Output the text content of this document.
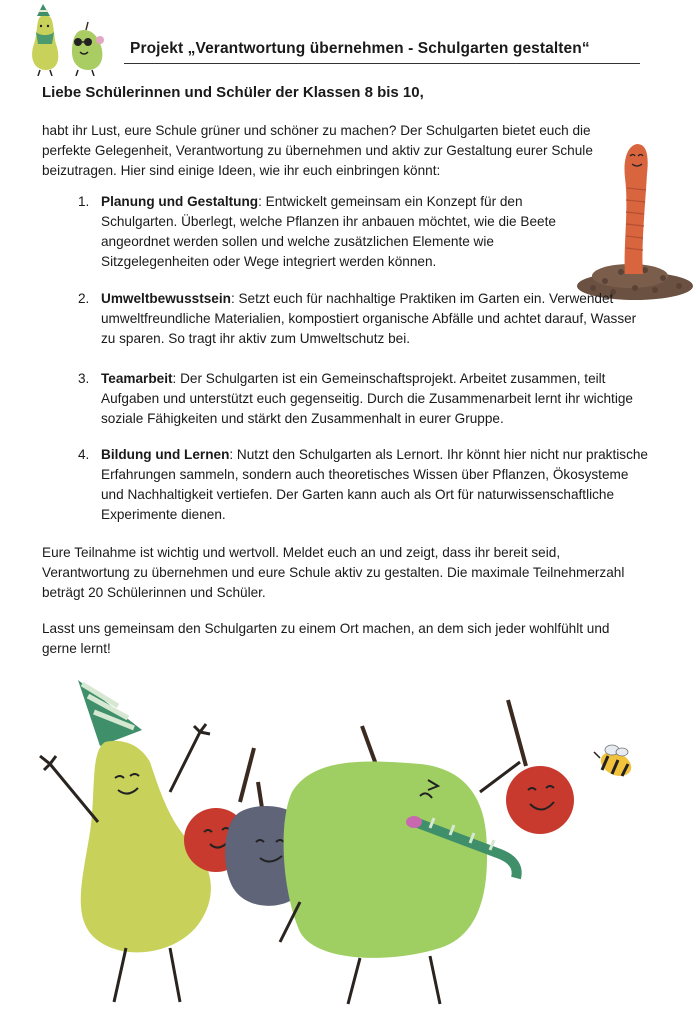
Projekt „Verantwortung übernehmen - Schulgarten gestalten“
Liebe Schülerinnen und Schüler der Klassen 8 bis 10,
habt ihr Lust, eure Schule grüner und schöner zu machen? Der Schulgarten bietet euch die perfekte Gelegenheit, Verantwortung zu übernehmen und aktiv zur Gestaltung eurer Schule beizutragen. Hier sind einige Ideen, wie ihr euch einbringen könnt:
1. Planung und Gestaltung: Entwickelt gemeinsam ein Konzept für den Schulgarten. Überlegt, welche Pflanzen ihr anbauen möchtet, wie die Beete angeordnet werden sollen und welche zusätzlichen Elemente wie Sitzgelegenheiten oder Wege integriert werden können.
2. Umweltbewusstsein: Setzt euch für nachhaltige Praktiken im Garten ein. Verwendet umweltfreundliche Materialien, kompostiert organische Abfälle und achtet darauf, Wasser zu sparen. So tragt ihr aktiv zum Umweltschutz bei.
3. Teamarbeit: Der Schulgarten ist ein Gemeinschaftsprojekt. Arbeitet zusammen, teilt Aufgaben und unterstützt euch gegenseitig. Durch die Zusammenarbeit lernt ihr wichtige soziale Fähigkeiten und stärkt den Zusammenhalt in eurer Gruppe.
4. Bildung und Lernen: Nutzt den Schulgarten als Lernort. Ihr könnt hier nicht nur praktische Erfahrungen sammeln, sondern auch theoretisches Wissen über Pflanzen, Ökosysteme und Nachhaltigkeit vertiefen. Der Garten kann auch als Ort für naturwissenschaftliche Experimente dienen.
Eure Teilnahme ist wichtig und wertvoll. Meldet euch an und zeigt, dass ihr bereit seid, Verantwortung zu übernehmen und eure Schule aktiv zu gestalten. Die maximale Teilnehmerzahl beträgt 20 Schülerinnen und Schüler.
Lasst uns gemeinsam den Schulgarten zu einem Ort machen, an dem sich jeder wohlfühlt und gerne lernt!
